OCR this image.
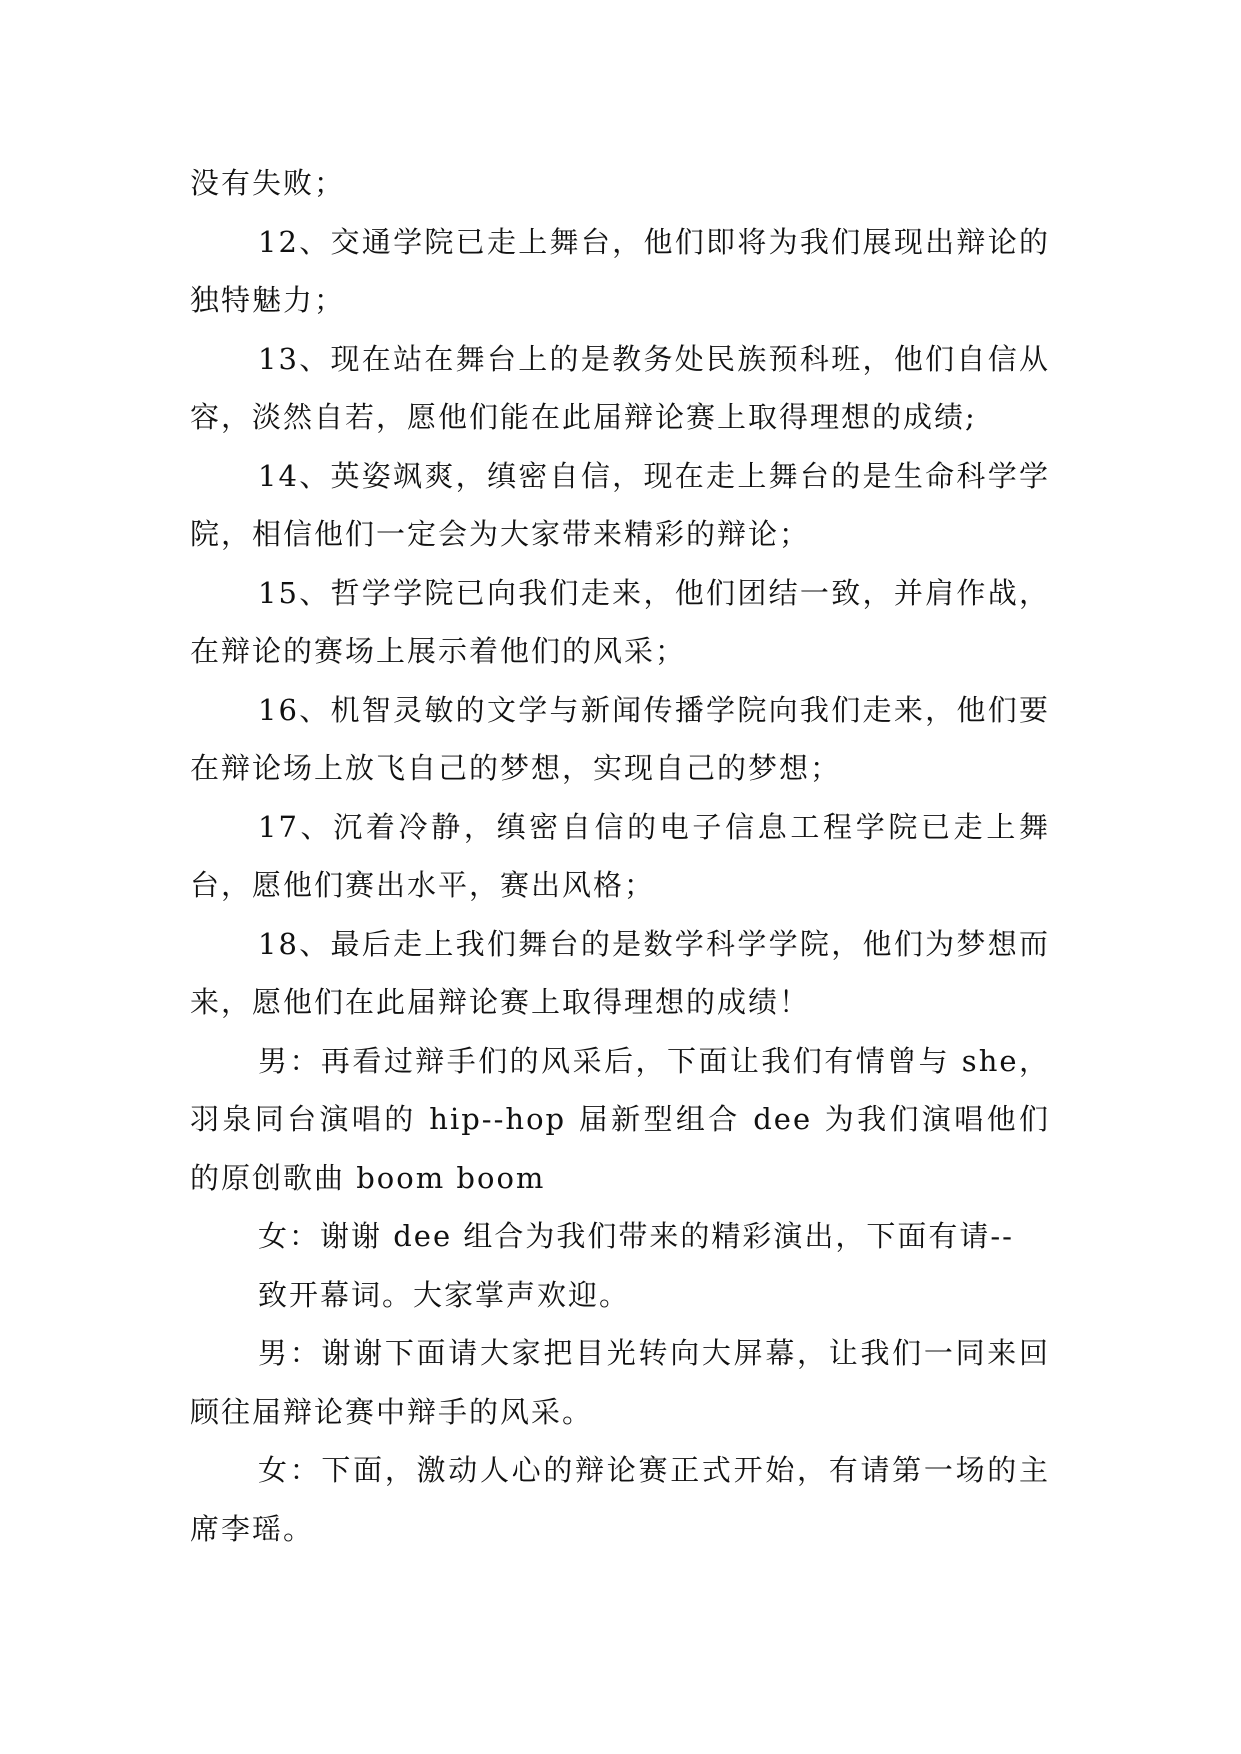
没有失败；

12、交通学院已走上舞台，他们即将为我们展现出辩论的独特魅力；

13、现在站在舞台上的是教务处民族预科班，他们自信从容，淡然自若，愿他们能在此届辩论赛上取得理想的成绩;

14、英姿飒爽，缜密自信，现在走上舞台的是生命科学学院，相信他们一定会为大家带来精彩的辩论；

15、哲学学院已向我们走来，他们团结一致，并肩作战，在辩论的赛场上展示着他们的风采；

16、机智灵敏的文学与新闻传播学院向我们走来，他们要在辩论场上放飞自己的梦想，实现自己的梦想；

17、沉着冷静，缜密自信的电子信息工程学院已走上舞台，愿他们赛出水平，赛出风格；

18、最后走上我们舞台的是数学科学学院，他们为梦想而来，愿他们在此届辩论赛上取得理想的成绩！

男：再看过辩手们的风采后，下面让我们有情曾与 she，羽泉同台演唱的 hip--hop 届新型组合 dee 为我们演唱他们的原创歌曲 boom boom

女：谢谢 dee 组合为我们带来的精彩演出，下面有请--

致开幕词。大家掌声欢迎。

男：谢谢下面请大家把目光转向大屏幕，让我们一同来回顾往届辩论赛中辩手的风采。

女：下面，激动人心的辩论赛正式开始，有请第一场的主席李瑶。
